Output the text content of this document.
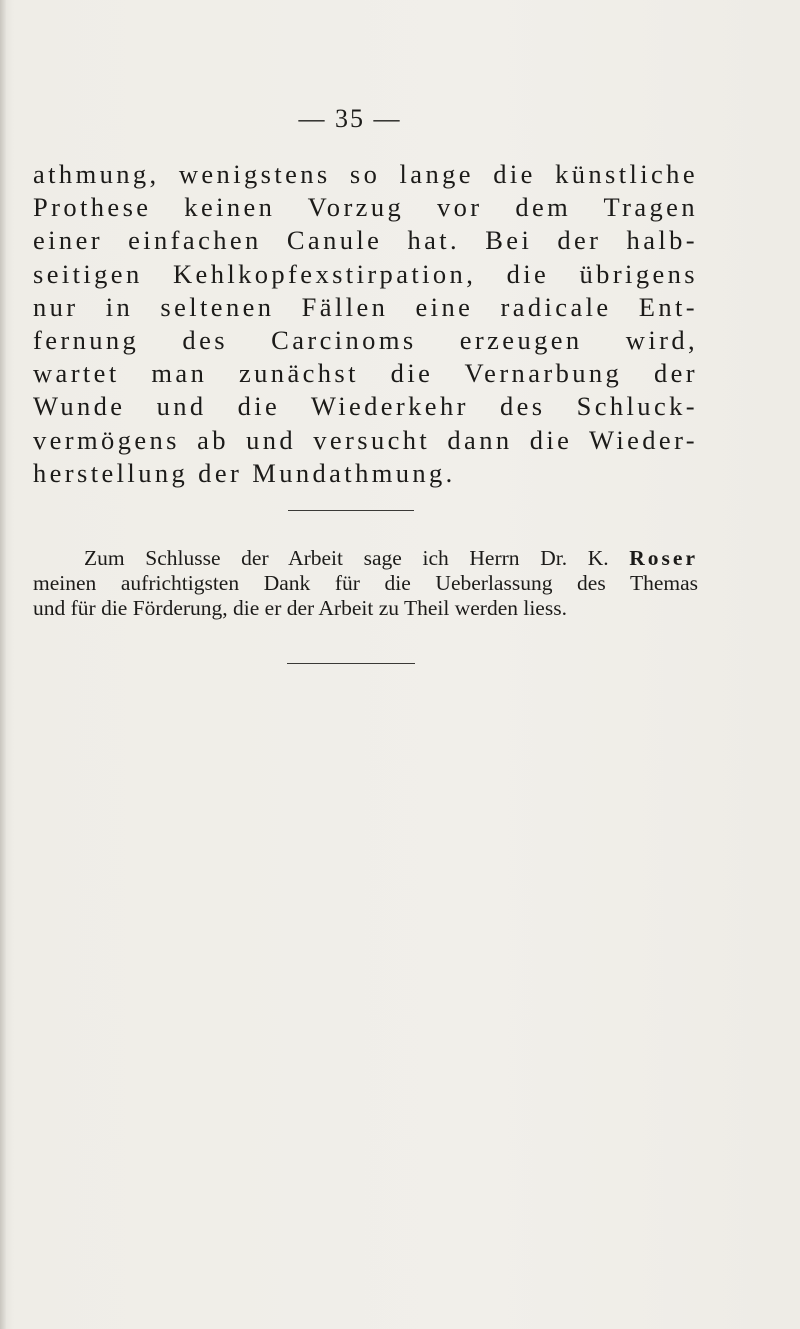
— 35 —
athmung, wenigstens so lange die künstliche
Prothese keinen Vorzug vor dem Tragen
einer einfachen Canule hat. Bei der halb-
seitigen Kehlkopfexstirpation, die übrigens
nur in seltenen Fällen eine radicale Ent-
fernung des Carcinoms erzeugen wird,
wartet man zunächst die Vernarbung der
Wunde und die Wiederkehr des Schluck-
vermögens ab und versucht dann die Wieder-
herstellung der Mundathmung.
Zum Schlusse der Arbeit sage ich Herrn Dr. K. Roser
meinen aufrichtigsten Dank für die Ueberlassung des Themas
und für die Förderung, die er der Arbeit zu Theil werden liess.
